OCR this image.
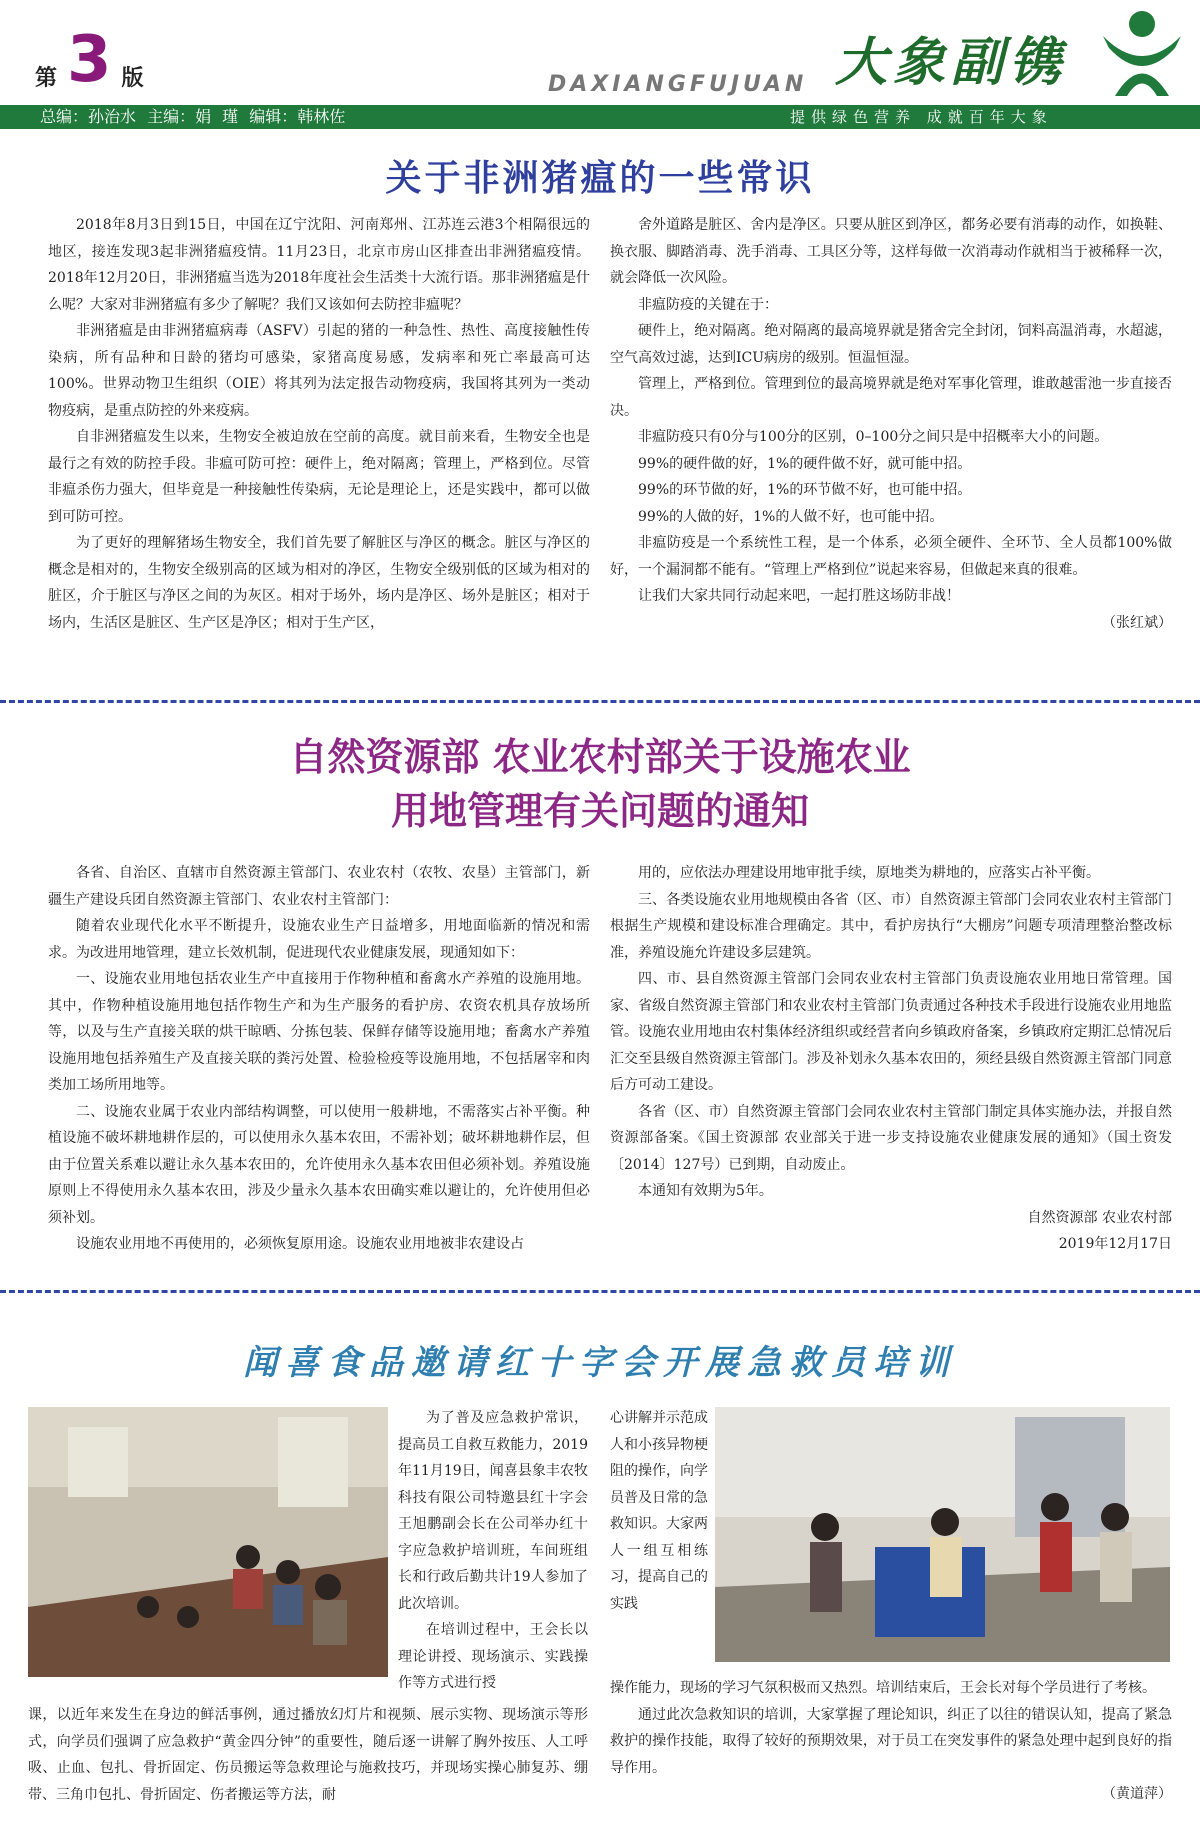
第 3 版	DAXIANGFUJUAN 大象副镌
总编：孙治水 主编：娟 瑾 编辑：韩林佐	提供绿色营养 成就百年大象
关于非洲猪瘟的一些常识

2018年8月3日到15日，中国在辽宁沈阳、河南郑州、江苏连云港3个相隔很远的地区，接连发现3起非洲猪瘟疫情。11月23日，北京市房山区排查出非洲猪瘟疫情。2018年12月20日，非洲猪瘟当选为2018年度社会生活类十大流行语。那非洲猪瘟是什么呢？大家对非洲猪瘟有多少了解呢？我们又该如何去防控非瘟呢？

非洲猪瘟是由非洲猪瘟病毒（ASFV）引起的猪的一种急性、热性、高度接触性传染病，所有品种和日龄的猪均可感染，家猪高度易感，发病率和死亡率最高可达100%。世界动物卫生组织（OIE）将其列为法定报告动物疫病，我国将其列为一类动物疫病，是重点防控的外来疫病。

自非洲猪瘟发生以来，生物安全被迫放在空前的高度。就目前来看，生物安全也是最行之有效的防控手段。非瘟可防可控：硬件上，绝对隔离；管理上，严格到位。尽管非瘟杀伤力强大，但毕竟是一种接触性传染病，无论是理论上，还是实践中，都可以做到可防可控。

为了更好的理解猪场生物安全，我们首先要了解脏区与净区的概念。脏区与净区的概念是相对的，生物安全级别高的区域为相对的净区，生物安全级别低的区域为相对的脏区，介于脏区与净区之间的为灰区。相对于场外，场内是净区、场外是脏区；相对于场内，生活区是脏区、生产区是净区；相对于生产区，

舍外道路是脏区、舍内是净区。只要从脏区到净区，都务必要有消毒的动作，如换鞋、换衣服、脚踏消毒、洗手消毒、工具区分等，这样每做一次消毒动作就相当于被稀释一次，就会降低一次风险。

非瘟防疫的关键在于：

硬件上，绝对隔离。绝对隔离的最高境界就是猪舍完全封闭，饲料高温消毒，水超滤，空气高效过滤，达到ICU病房的级别。恒温恒湿。

管理上，严格到位。管理到位的最高境界就是绝对军事化管理，谁敢越雷池一步直接否决。

非瘟防疫只有0分与100分的区别，0–100分之间只是中招概率大小的问题。

99%的硬件做的好，1%的硬件做不好，就可能中招。

99%的环节做的好，1%的环节做不好，也可能中招。

99%的人做的好，1%的人做不好，也可能中招。

非瘟防疫是一个系统性工程，是一个体系，必须全硬件、全环节、全人员都100%做好，一个漏洞都不能有。“管理上严格到位”说起来容易，但做起来真的很难。

让我们大家共同行动起来吧，一起打胜这场防非战！

（张红斌）

自然资源部 农业农村部关于设施农业
用地管理有关问题的通知

各省、自治区、直辖市自然资源主管部门、农业农村（农牧、农垦）主管部门，新疆生产建设兵团自然资源主管部门、农业农村主管部门：

随着农业现代化水平不断提升，设施农业生产日益增多，用地面临新的情况和需求。为改进用地管理，建立长效机制，促进现代农业健康发展，现通知如下：

一、设施农业用地包括农业生产中直接用于作物种植和畜禽水产养殖的设施用地。其中，作物种植设施用地包括作物生产和为生产服务的看护房、农资农机具存放场所等，以及与生产直接关联的烘干晾晒、分拣包装、保鲜存储等设施用地；畜禽水产养殖设施用地包括养殖生产及直接关联的粪污处置、检验检疫等设施用地，不包括屠宰和肉类加工场所用地等。

二、设施农业属于农业内部结构调整，可以使用一般耕地，不需落实占补平衡。种植设施不破坏耕地耕作层的，可以使用永久基本农田，不需补划；破坏耕地耕作层，但由于位置关系难以避让永久基本农田的，允许使用永久基本农田但必须补划。养殖设施原则上不得使用永久基本农田，涉及少量永久基本农田确实难以避让的，允许使用但必须补划。

设施农业用地不再使用的，必须恢复原用途。设施农业用地被非农建设占

用的，应依法办理建设用地审批手续，原地类为耕地的，应落实占补平衡。

三、各类设施农业用地规模由各省（区、市）自然资源主管部门会同农业农村主管部门根据生产规模和建设标准合理确定。其中，看护房执行“大棚房”问题专项清理整治整改标准，养殖设施允许建设多层建筑。

四、市、县自然资源主管部门会同农业农村主管部门负责设施农业用地日常管理。国家、省级自然资源主管部门和农业农村主管部门负责通过各种技术手段进行设施农业用地监管。设施农业用地由农村集体经济组织或经营者向乡镇政府备案，乡镇政府定期汇总情况后汇交至县级自然资源主管部门。涉及补划永久基本农田的，须经县级自然资源主管部门同意后方可动工建设。

各省（区、市）自然资源主管部门会同农业农村主管部门制定具体实施办法，并报自然资源部备案。《国土资源部 农业部关于进一步支持设施农业健康发展的通知》（国土资发〔2014〕127号）已到期，自动废止。

本通知有效期为5年。

自然资源部 农业农村部

2019年12月17日

闻喜食品邀请红十字会开展急救员培训

为了普及应急救护常识，提高员工自救互救能力，2019年11月19日，闻喜县象丰农牧科技有限公司特邀县红十字会王旭鹏副会长在公司举办红十字应急救护培训班，车间班组长和行政后勤共计19人参加了此次培训。

在培训过程中，王会长以理论讲授、现场演示、实践操作等方式进行授

心讲解并示范成人和小孩异物梗阻的操作，向学员普及日常的急救知识。大家两人一组互相练习，提高自己的实践

课，以近年来发生在身边的鲜活事例，通过播放幻灯片和视频、展示实物、现场演示等形式，向学员们强调了应急救护“黄金四分钟”的重要性，随后逐一讲解了胸外按压、人工呼吸、止血、包扎、骨折固定、伤员搬运等急救理论与施救技巧，并现场实操心肺复苏、绷带、三角巾包扎、骨折固定、伤者搬运等方法，耐

操作能力，现场的学习气氛积极而又热烈。培训结束后，王会长对每个学员进行了考核。

通过此次急救知识的培训，大家掌握了理论知识，纠正了以往的错误认知，提高了紧急救护的操作技能，取得了较好的预期效果，对于员工在突发事件的紧急处理中起到良好的指导作用。

（黄道萍）
